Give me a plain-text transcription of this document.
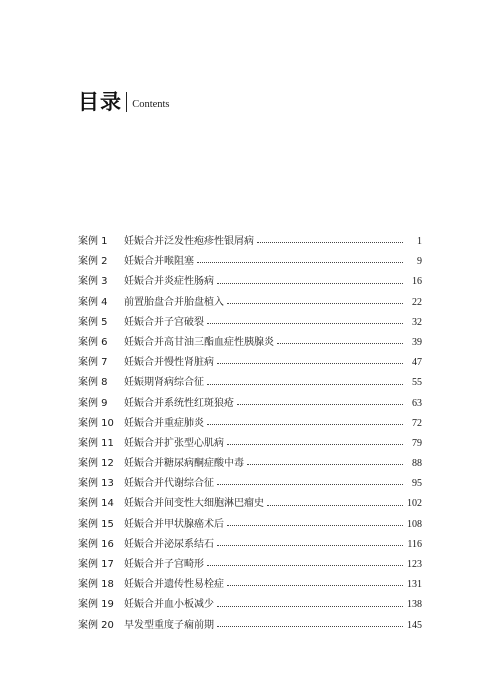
目录 Contents
案例 1	妊娠合并泛发性疱疹性银屑病	1
案例 2	妊娠合并喉阻塞	9
案例 3	妊娠合并炎症性肠病	16
案例 4	前置胎盘合并胎盘植入	22
案例 5	妊娠合并子宫破裂	32
案例 6	妊娠合并高甘油三酯血症性胰腺炎	39
案例 7	妊娠合并慢性肾脏病	47
案例 8	妊娠期肾病综合征	55
案例 9	妊娠合并系统性红斑狼疮	63
案例 10	妊娠合并重症肺炎	72
案例 11	妊娠合并扩张型心肌病	79
案例 12	妊娠合并糖尿病酮症酸中毒	88
案例 13	妊娠合并代谢综合征	95
案例 14	妊娠合并间变性大细胞淋巴瘤史	102
案例 15	妊娠合并甲状腺癌术后	108
案例 16	妊娠合并泌尿系结石	116
案例 17	妊娠合并子宫畸形	123
案例 18	妊娠合并遗传性易栓症	131
案例 19	妊娠合并血小板减少	138
案例 20	早发型重度子痫前期	145
